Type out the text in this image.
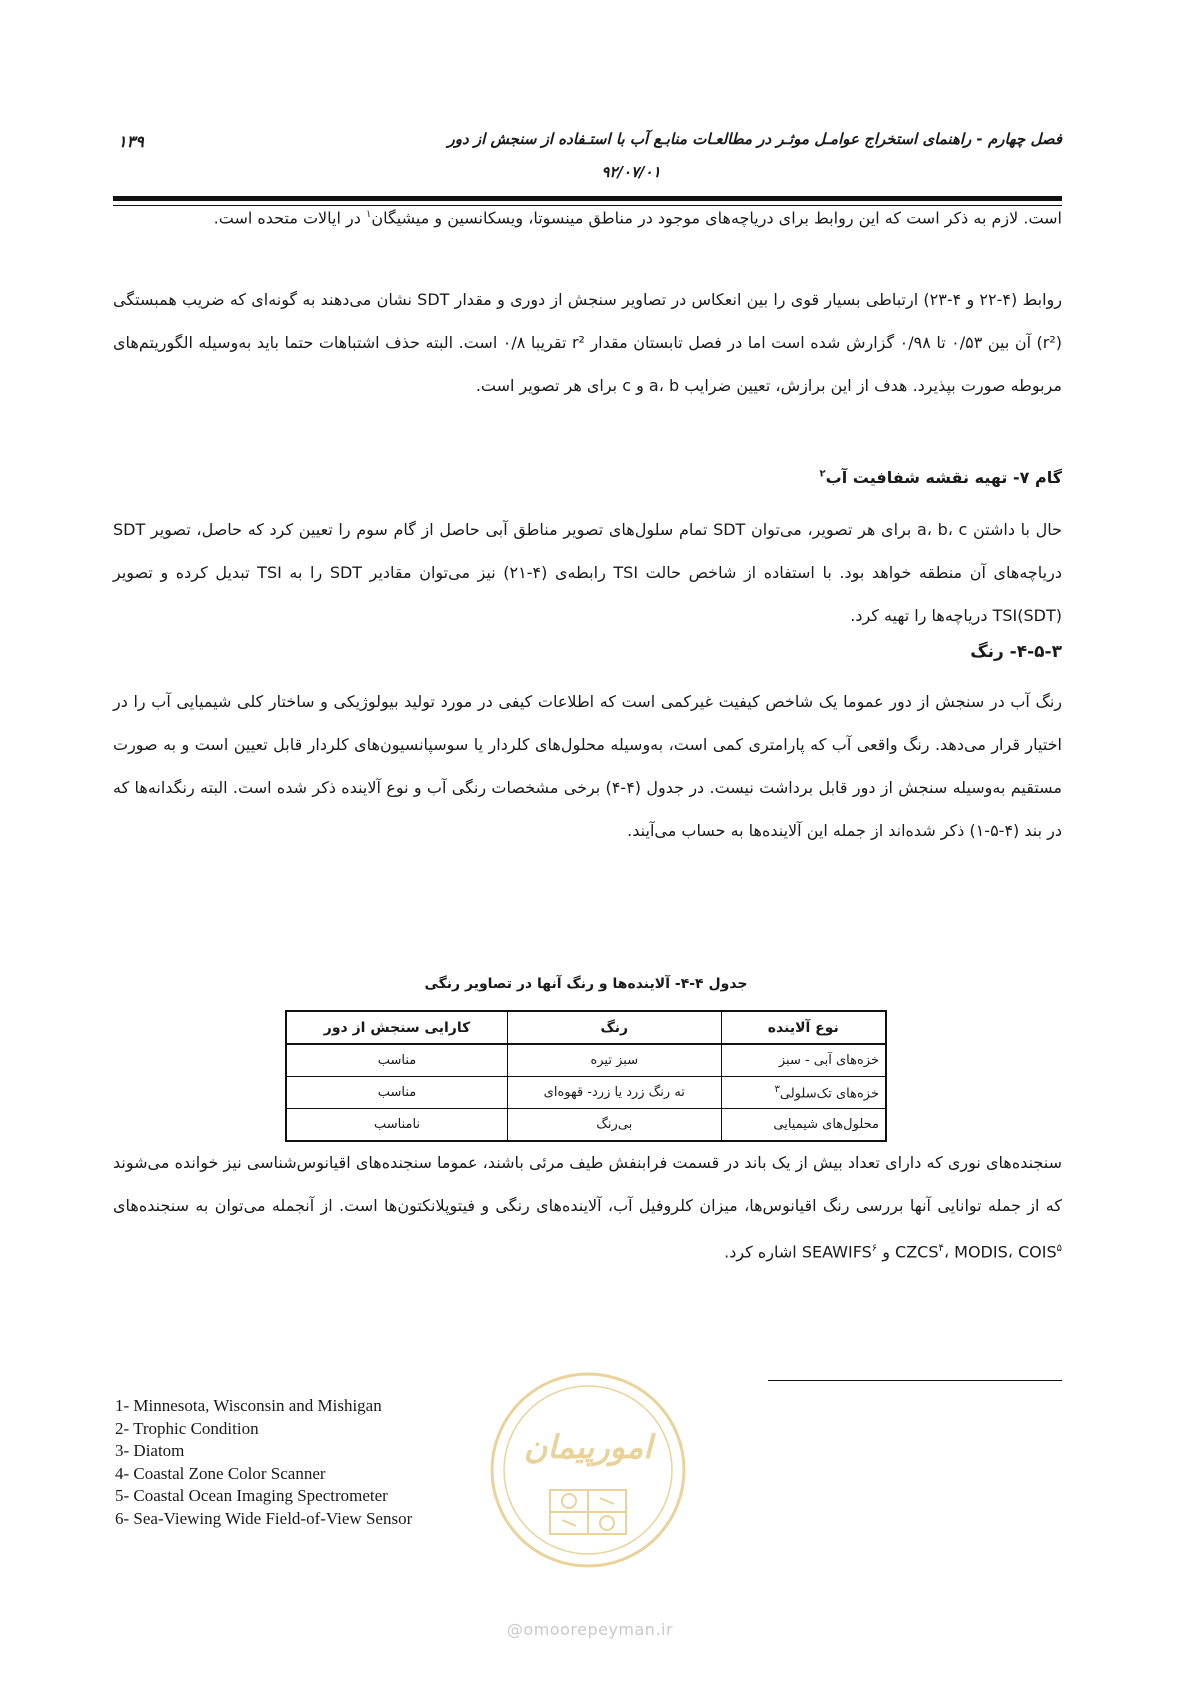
۱۳۹	فصل چهارم - راهنمای استخراج عوامـل موثـر در مطالعـات منابـع آب با استـفاده از سنجش از دور
۹۲/۰۷/۰۱

است. لازم به ذکر است که این روابط برای دریاچه‌های موجود در مناطق مینسوتا، ویسکانسین و میشیگان$^۱$ در ایالات متحده است.

روابط (۴-۲۲ و ۴-۲۳) ارتباطی بسیار قوی را بین انعکاس در تصاویر سنجش از دوری و مقدار SDT نشان می‌دهند به گونه‌ای که ضریب همبستگی (r²) آن بین ۰/۵۳ تا ۰/۹۸ گزارش شده است اما در فصل تابستان مقدار r² تقریبا ۰/۸ است. البته حذف اشتباهات حتما باید به‌وسیله الگوریتم‌های مربوطه صورت بپذیرد. هدف از این برازش، تعیین ضرایب a، b و c برای هر تصویر است.

گام ۷- تهیه نقشه شفافیت آب$^۲$

حال با داشتن a، b، c برای هر تصویر، می‌توان SDT تمام سلول‌های تصویر مناطق آبی حاصل از گام سوم را تعیین کرد که حاصل، تصویر SDT دریاچه‌های آن منطقه خواهد بود. با استفاده از شاخص حالت TSI رابطه‌ی (۴-۲۱) نیز می‌توان مقادیر SDT را به TSI تبدیل کرده و تصویر TSI(SDT) دریاچه‌ها را تهیه کرد.

۴-۵-۳- رنگ

رنگ آب در سنجش از دور عموما یک شاخص کیفیت غیرکمی است که اطلاعات کیفی در مورد تولید بیولوژیکی و ساختار کلی شیمیایی آب را در اختیار قرار می‌دهد. رنگ واقعی آب که پارامتری کمی است، به‌وسیله محلول‌های کلردار یا سوسپانسیون‌های کلردار قابل تعیین است و به صورت مستقیم به‌وسیله سنجش از دور قابل برداشت نیست. در جدول (۴-۴) برخی مشخصات رنگی آب و نوع آلاینده ذکر شده است. البته رنگدانه‌ها که در بند (۴-۵-۱) ذکر شده‌اند از جمله این آلاینده‌ها به حساب می‌آیند.

جدول ۴-۴- آلاینده‌ها و رنگ آنها در تصاویر رنگی
نوع آلاینده	رنگ	کارایی سنجش از دور
خزه‌های آبی - سبز	سبز تیره	مناسب
خزه‌های تک‌سلولی$^۳$	ته رنگ زرد یا زرد- قهوه‌ای	مناسب
محلول‌های شیمیایی	بی‌رنگ	نامناسب

سنجنده‌های نوری که دارای تعداد بیش از یک باند در قسمت فرابنفش طیف مرئی باشند، عموما سنجنده‌های اقیانوس‌شناسی نیز خوانده می‌شوند که از جمله توانایی آنها بررسی رنگ اقیانوس‌ها، میزان کلروفیل آب، آلاینده‌های رنگی و فیتوپلانکتون‌ها است. از آنجمله می‌توان به سنجنده‌های CZCS$^۴$، MODIS، COIS$^۵$ و SEAWIFS$^۶$ اشاره کرد.

امورپیمان
@omoorepeyman.ir
1- Minnesota, Wisconsin and Mishigan
2- Trophic Condition
3- Diatom
4- Coastal Zone Color Scanner
5- Coastal Ocean Imaging Spectrometer
6- Sea-Viewing Wide Field-of-View Sensor
